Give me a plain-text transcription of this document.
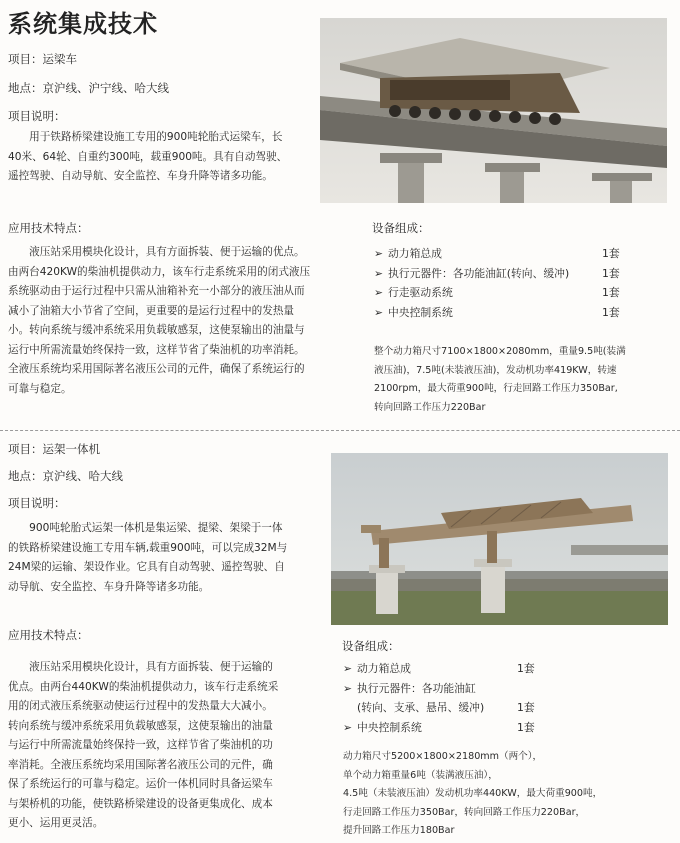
系统集成技术
项目：运梁车
地点：京沪线、沪宁线、哈大线
项目说明：
　　用于铁路桥梁建设施工专用的900吨轮胎式运梁车，长
40米、64轮、自重约300吨，载重900吨。具有自动驾驶、
遥控驾驶、自动导航、安全监控、车身升降等诸多功能。
应用技术特点：
　　液压站采用模块化设计，具有方面拆装、便于运输的优点。
由两台420KW的柴油机提供动力，该车行走系统采用的闭式液压
系统驱动由于运行过程中只需从油箱补充一小部分的液压油从而
减小了油箱大小节省了空间，更重要的是运行过程中的发热量
小。转向系统与缓冲系统采用负载敏感泵，这使泵输出的油量与
运行中所需流量始终保持一致，这样节省了柴油机的功率消耗。
全液压系统均采用国际著名液压公司的元件，确保了系统运行的
可靠与稳定。
设备组成：
➢ 动力箱总成	1套
➢ 执行元器件：各功能油缸(转向、缓冲)	1套
➢ 行走驱动系统	1套
➢ 中央控制系统	1套
整个动力箱尺寸7100×1800×2080mm，重量9.5吨(装满
液压油)，7.5吨(未装液压油)，发动机功率419KW，转速
2100rpm，最大荷重900吨，行走回路工作压力350Bar,
转向回路工作压力220Bar
项目：运架一体机
地点：京沪线、哈大线
项目说明：
　　900吨轮胎式运架一体机是集运梁、提梁、架梁于一体
的铁路桥梁建设施工专用车辆,载重900吨，可以完成32M与
24M梁的运输、架设作业。它具有自动驾驶、遥控驾驶、自
动导航、安全监控、车身升降等诸多功能。
应用技术特点：
　　液压站采用模块化设计，具有方面拆装、便于运输的
优点。由两台440KW的柴油机提供动力，该车行走系统采
用的闭式液压系统驱动使运行过程中的发热量大大减小。
转向系统与缓冲系统采用负载敏感泵，这使泵输出的油量
与运行中所需流量始终保持一致，这样节省了柴油机的功
率消耗。全液压系统均采用国际著名液压公司的元件，确
保了系统运行的可靠与稳定。运价一体机同时具备运梁车
与架桥机的功能，使铁路桥梁建设的设备更集成化、成本
更小、运用更灵活。
设备组成：
➢ 动力箱总成	1套
➢ 执行元器件：各功能油缸
(转向、支承、悬吊、缓冲)	1套
➢ 中央控制系统	1套
动力箱尺寸5200×1800×2180mm（两个），
单个动力箱重量6吨（装满液压油），
4.5吨（未装液压油）发动机功率440KW，最大荷重900吨，
行走回路工作压力350Bar，转向回路工作压力220Bar，
提升回路工作压力180Bar
